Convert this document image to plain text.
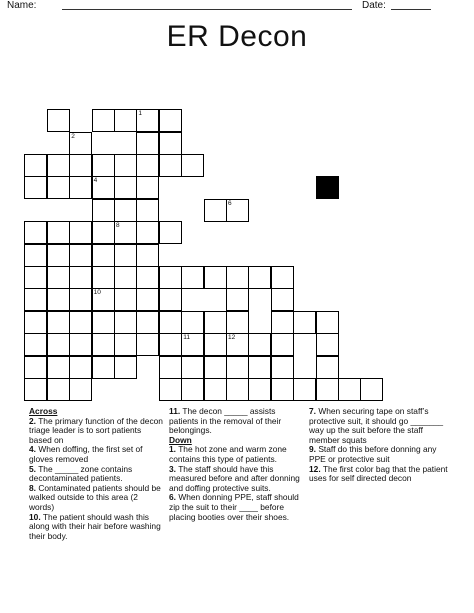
Name:	Date:
ER Decon
1
8
4
10
2
11
6
12

Across

2. The primary function of the decon triage leader is to sort patients based on

4. When doffing, the first set of gloves removed

5. The _____ zone contains decontaminated patients.

8. Contaminated patients should be walked outside to this area (2 words)

10. The patient should wash this along with their hair before washing their body.

11. The decon _____ assists patients in the removal of their belongings.

Down

1. The hot zone and warm zone contains this type of patients.

3. The staff should have this measured before and after donning and doffing protective suits.

6. When donning PPE, staff should zip the suit to their ____ before placing booties over their shoes.

7. When securing tape on staff’s protective suit, it should go _______ way up the suit before the staff member squats

9. Staff do this before donning any PPE or protective suit

12. The first color bag that the patient uses for self directed decon
